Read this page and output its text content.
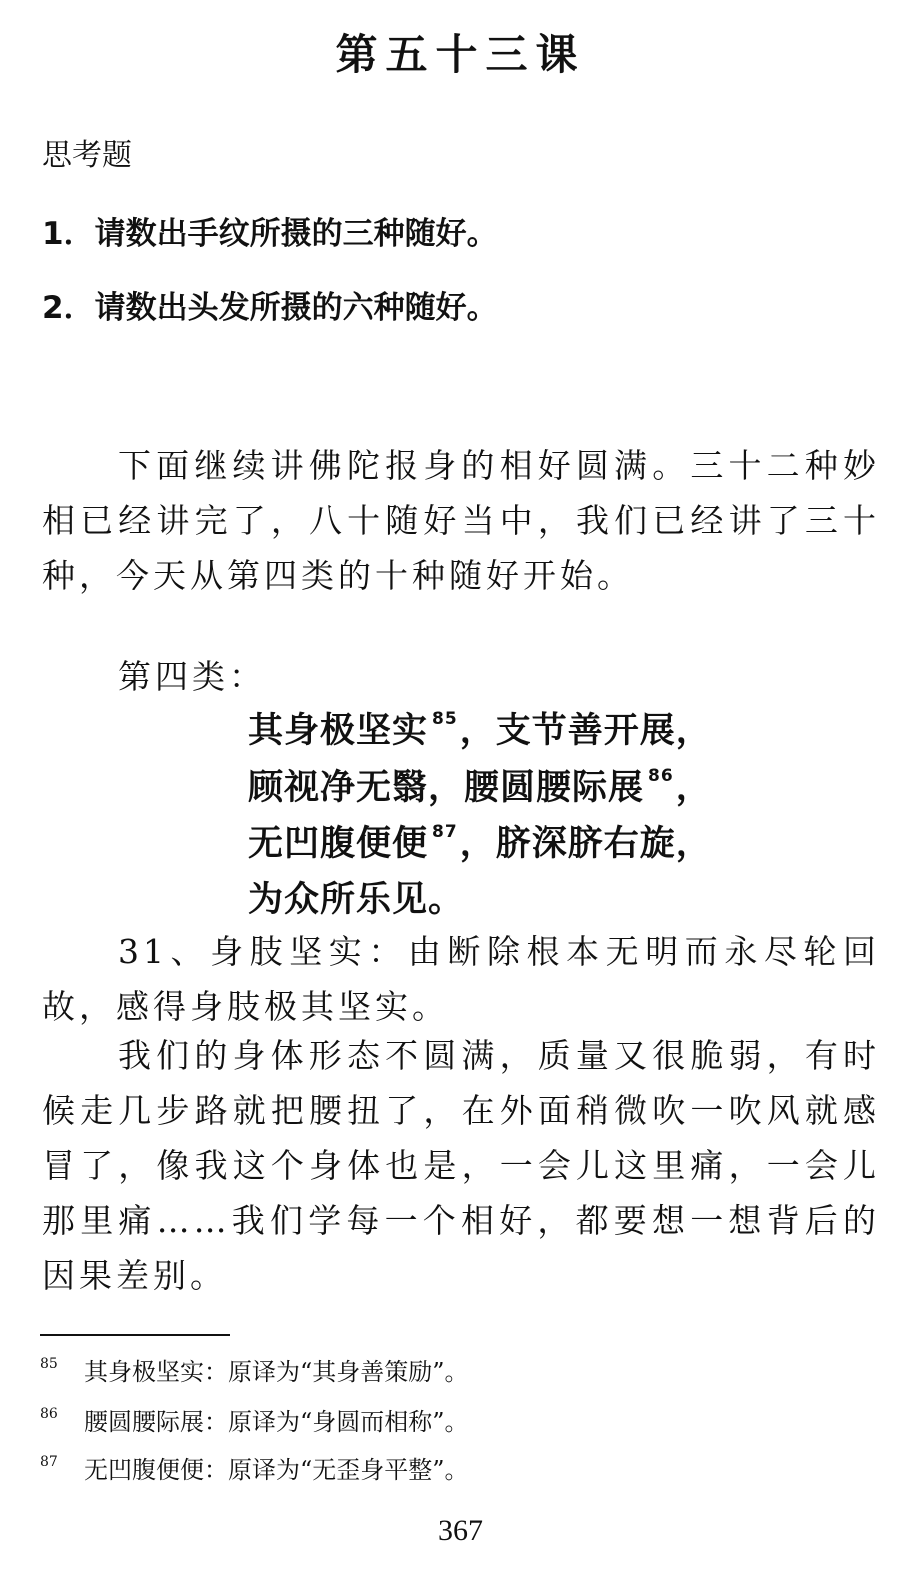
第五十三课
思考题
1．请数出手纹所摄的三种随好。
2．请数出头发所摄的六种随好。
下面继续讲佛陀报身的相好圆满。三十二种妙相已经讲完了，八十随好当中，我们已经讲了三十种，今天从第四类的十种随好开始。
第四类：
其身极坚实 $^{85}$，支节善开展，
顾视净无翳，腰圆腰际展 $^{86}$，
无凹腹便便 $^{87}$，脐深脐右旋，
为众所乐见。
31、身肢坚实：由断除根本无明而永尽轮回故，感得身肢极其坚实。
我们的身体形态不圆满，质量又很脆弱，有时候走几步路就把腰扭了，在外面稍微吹一吹风就感冒了，像我这个身体也是，一会儿这里痛，一会儿那里痛……我们学每一个相好，都要想一想背后的因果差别。
85 其身极坚实：原译为“其身善策励”。
86 腰圆腰际展：原译为“身圆而相称”。
87 无凹腹便便：原译为“无歪身平整”。
367
